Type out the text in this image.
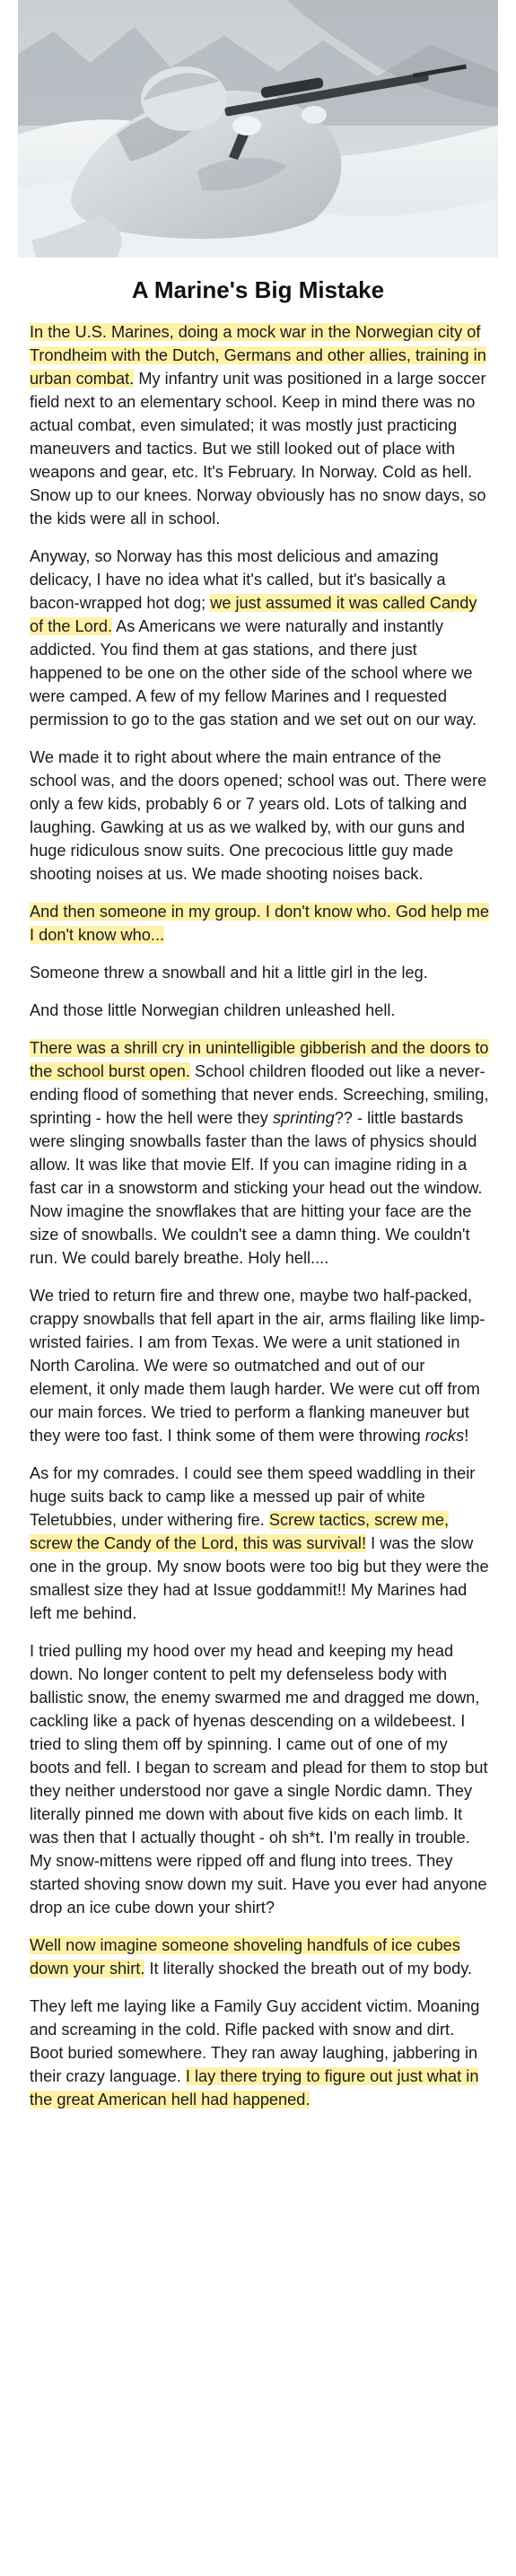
A Marine's Big Mistake

In the U.S. Marines, doing a mock war in the Norwegian city of Trondheim with the Dutch, Germans and other allies, training in urban combat. My infantry unit was positioned in a large soccer field next to an elementary school. Keep in mind there was no actual combat, even simulated; it was mostly just practicing maneuvers and tactics. But we still looked out of place with weapons and gear, etc. It's February. In Norway. Cold as hell. Snow up to our knees. Norway obviously has no snow days, so the kids were all in school.

Anyway, so Norway has this most delicious and amazing delicacy, I have no idea what it's called, but it's basically a bacon-wrapped hot dog; we just assumed it was called Candy of the Lord. As Americans we were naturally and instantly addicted. You find them at gas stations, and there just happened to be one on the other side of the school where we were camped. A few of my fellow Marines and I requested permission to go to the gas station and we set out on our way.

We made it to right about where the main entrance of the school was, and the doors opened; school was out. There were only a few kids, probably 6 or 7 years old. Lots of talking and laughing. Gawking at us as we walked by, with our guns and huge ridiculous snow suits. One precocious little guy made shooting noises at us. We made shooting noises back.

And then someone in my group. I don't know who. God help me I don't know who...

Someone threw a snowball and hit a little girl in the leg.

And those little Norwegian children unleashed hell.

There was a shrill cry in unintelligible gibberish and the doors to the school burst open. School children flooded out like a never-ending flood of something that never ends. Screeching, smiling, sprinting - how the hell were they sprinting?? - little bastards were slinging snowballs faster than the laws of physics should allow. It was like that movie Elf. If you can imagine riding in a fast car in a snowstorm and sticking your head out the window. Now imagine the snowflakes that are hitting your face are the size of snowballs. We couldn't see a damn thing. We couldn't run. We could barely breathe. Holy hell....

We tried to return fire and threw one, maybe two half-packed, crappy snowballs that fell apart in the air, arms flailing like limp-wristed fairies. I am from Texas. We were a unit stationed in North Carolina. We were so outmatched and out of our element, it only made them laugh harder. We were cut off from our main forces. We tried to perform a flanking maneuver but they were too fast. I think some of them were throwing rocks!

As for my comrades. I could see them speed waddling in their huge suits back to camp like a messed up pair of white Teletubbies, under withering fire. Screw tactics, screw me, screw the Candy of the Lord, this was survival! I was the slow one in the group. My snow boots were too big but they were the smallest size they had at Issue goddammit!! My Marines had left me behind.

I tried pulling my hood over my head and keeping my head down. No longer content to pelt my defenseless body with ballistic snow, the enemy swarmed me and dragged me down, cackling like a pack of hyenas descending on a wildebeest. I tried to sling them off by spinning. I came out of one of my boots and fell. I began to scream and plead for them to stop but they neither understood nor gave a single Nordic damn. They literally pinned me down with about five kids on each limb. It was then that I actually thought - oh sh*t. I'm really in trouble. My snow-mittens were ripped off and flung into trees. They started shoving snow down my suit. Have you ever had anyone drop an ice cube down your shirt?

Well now imagine someone shoveling handfuls of ice cubes down your shirt. It literally shocked the breath out of my body.

They left me laying like a Family Guy accident victim. Moaning and screaming in the cold. Rifle packed with snow and dirt. Boot buried somewhere. They ran away laughing, jabbering in their crazy language. I lay there trying to figure out just what in the great American hell had happened.
